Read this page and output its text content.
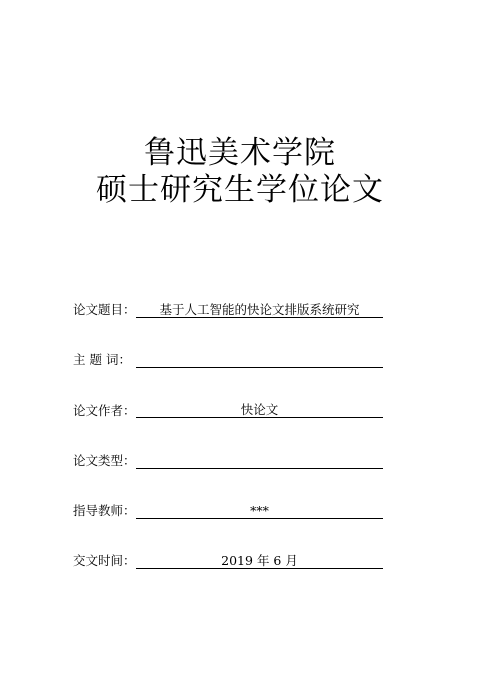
鲁迅美术学院
硕士研究生学位论文
论文题目：	基于人工智能的快论文排版系统研究
主 题 词：
论文作者：	快论文
论文类型：
指导教师：	***
交文时间：	2019 年 6 月
